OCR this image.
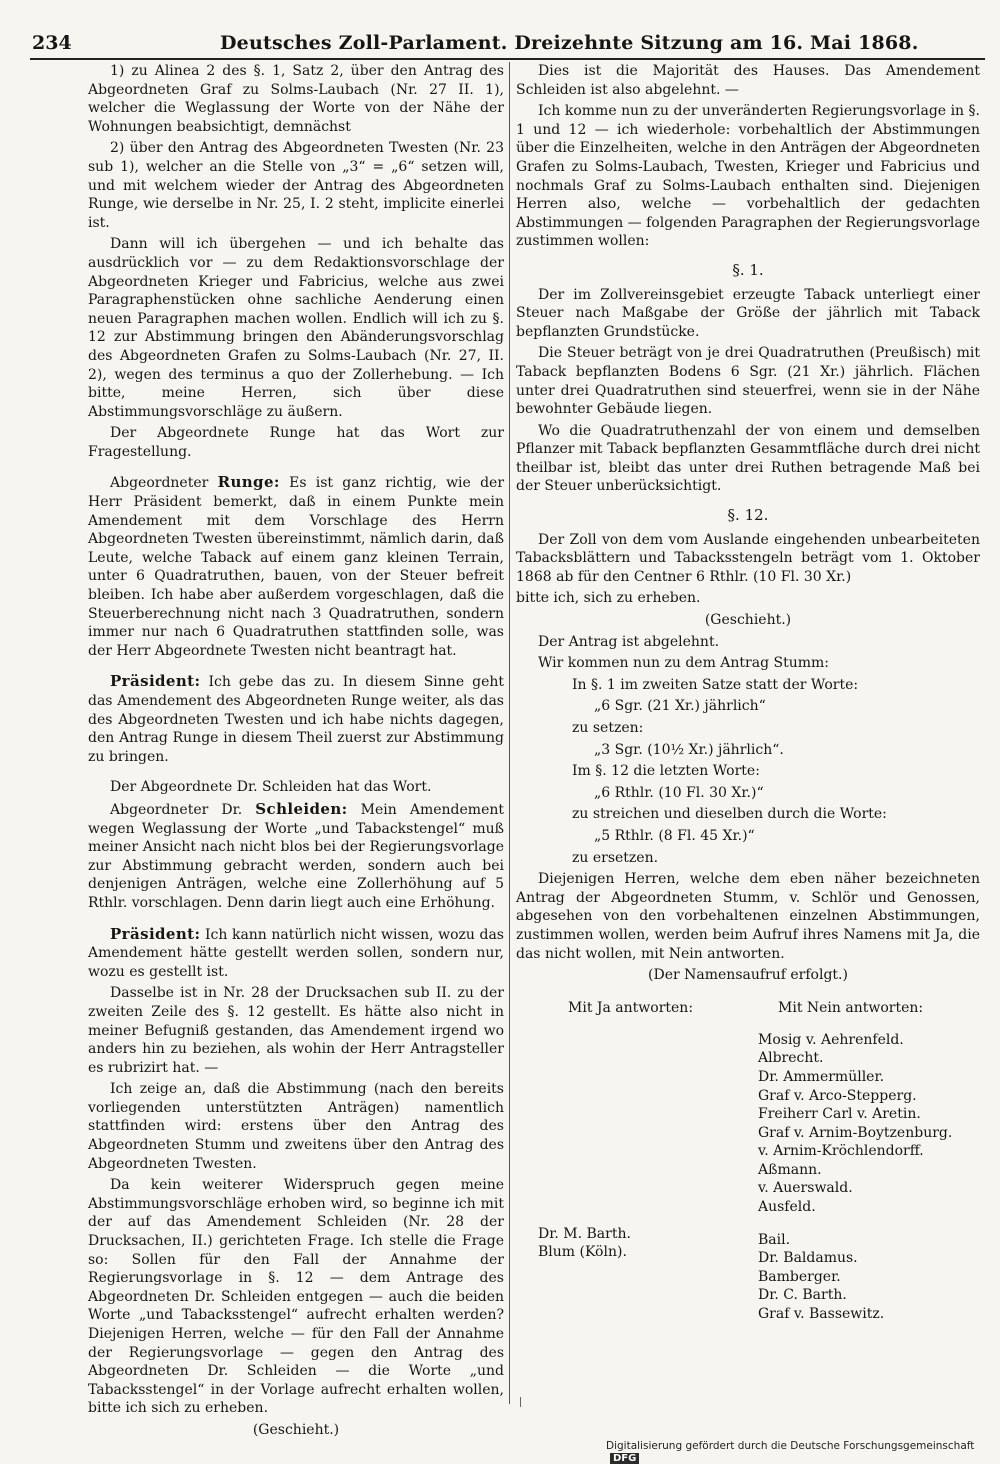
234	Deutsches Zoll-Parlament. Dreizehnte Sitzung am 16. Mai 1868.

1) zu Alinea 2 des §. 1, Satz 2, über den Antrag des Abgeordneten Graf zu Solms-Laubach (Nr. 27 II. 1), welcher die Weglassung der Worte von der Nähe der Wohnungen beabsichtigt, demnächst

2) über den Antrag des Abgeordneten Twesten (Nr. 23 sub 1), welcher an die Stelle von „3“ = „6“ setzen will, und mit welchem wieder der Antrag des Abgeordneten Runge, wie derselbe in Nr. 25, I. 2 steht, implicite einerlei ist.

Dann will ich übergehen — und ich behalte das ausdrücklich vor — zu dem Redaktionsvorschlage der Abgeordneten Krieger und Fabricius, welche aus zwei Paragraphenstücken ohne sachliche Aenderung einen neuen Paragraphen machen wollen. Endlich will ich zu §. 12 zur Abstimmung bringen den Abänderungsvorschlag des Abgeordneten Grafen zu Solms-Laubach (Nr. 27, II. 2), wegen des terminus a quo der Zollerhebung. — Ich bitte, meine Herren, sich über diese Abstimmungsvorschläge zu äußern.

Der Abgeordnete Runge hat das Wort zur Fragestellung.

Abgeordneter Runge: Es ist ganz richtig, wie der Herr Präsident bemerkt, daß in einem Punkte mein Amendement mit dem Vorschlage des Herrn Abgeordneten Twesten übereinstimmt, nämlich darin, daß Leute, welche Taback auf einem ganz kleinen Terrain, unter 6 Quadratruthen, bauen, von der Steuer befreit bleiben. Ich habe aber außerdem vorgeschlagen, daß die Steuerberechnung nicht nach 3 Quadratruthen, sondern immer nur nach 6 Quadratruthen stattfinden solle, was der Herr Abgeordnete Twesten nicht beantragt hat.

Präsident: Ich gebe das zu. In diesem Sinne geht das Amendement des Abgeordneten Runge weiter, als das des Abgeordneten Twesten und ich habe nichts dagegen, den Antrag Runge in diesem Theil zuerst zur Abstimmung zu bringen.

Der Abgeordnete Dr. Schleiden hat das Wort.

Abgeordneter Dr. Schleiden: Mein Amendement wegen Weglassung der Worte „und Tabackstengel“ muß meiner Ansicht nach nicht blos bei der Regierungsvorlage zur Abstimmung gebracht werden, sondern auch bei denjenigen Anträgen, welche eine Zollerhöhung auf 5 Rthlr. vorschlagen. Denn darin liegt auch eine Erhöhung.

Präsident: Ich kann natürlich nicht wissen, wozu das Amendement hätte gestellt werden sollen, sondern nur, wozu es gestellt ist.

Dasselbe ist in Nr. 28 der Drucksachen sub II. zu der zweiten Zeile des §. 12 gestellt. Es hätte also nicht in meiner Befugniß gestanden, das Amendement irgend wo anders hin zu beziehen, als wohin der Herr Antragsteller es rubrizirt hat. —

Ich zeige an, daß die Abstimmung (nach den bereits vorliegenden unterstützten Anträgen) namentlich stattfinden wird: erstens über den Antrag des Abgeordneten Stumm und zweitens über den Antrag des Abgeordneten Twesten.

Da kein weiterer Widerspruch gegen meine Abstimmungsvorschläge erhoben wird, so beginne ich mit der auf das Amendement Schleiden (Nr. 28 der Drucksachen, II.) gerichteten Frage. Ich stelle die Frage so: Sollen für den Fall der Annahme der Regierungsvorlage in §. 12 — dem Antrage des Abgeordneten Dr. Schleiden entgegen — auch die beiden Worte „und Tabacksstengel“ aufrecht erhalten werden? Diejenigen Herren, welche — für den Fall der Annahme der Regierungsvorlage — gegen den Antrag des Abgeordneten Dr. Schleiden — die Worte „und Tabacksstengel“ in der Vorlage aufrecht erhalten wollen, bitte ich sich zu erheben.

(Geschieht.)

Dies ist die Majorität des Hauses. Das Amendement Schleiden ist also abgelehnt. —

Ich komme nun zu der unveränderten Regierungsvorlage in §. 1 und 12 — ich wiederhole: vorbehaltlich der Abstimmungen über die Einzelheiten, welche in den Anträgen der Abgeordneten Grafen zu Solms-Laubach, Twesten, Krieger und Fabricius und nochmals Graf zu Solms-Laubach enthalten sind. Diejenigen Herren also, welche — vorbehaltlich der gedachten Abstimmungen — folgenden Paragraphen der Regierungsvorlage zustimmen wollen:

§. 1.

Der im Zollvereinsgebiet erzeugte Taback unterliegt einer Steuer nach Maßgabe der Größe der jährlich mit Taback bepflanzten Grundstücke.

Die Steuer beträgt von je drei Quadratruthen (Preußisch) mit Taback bepflanzten Bodens 6 Sgr. (21 Xr.) jährlich. Flächen unter drei Quadratruthen sind steuerfrei, wenn sie in der Nähe bewohnter Gebäude liegen.

Wo die Quadratruthenzahl der von einem und demselben Pflanzer mit Taback bepflanzten Gesammtfläche durch drei nicht theilbar ist, bleibt das unter drei Ruthen betragende Maß bei der Steuer unberücksichtigt.

§. 12.

Der Zoll von dem vom Auslande eingehenden unbearbeiteten Tabacksblättern und Tabacksstengeln beträgt vom 1. Oktober 1868 ab für den Centner 6 Rthlr. (10 Fl. 30 Xr.)

bitte ich, sich zu erheben.

(Geschieht.)

Der Antrag ist abgelehnt.

Wir kommen nun zu dem Antrag Stumm:

In §. 1 im zweiten Satze statt der Worte:

„6 Sgr. (21 Xr.) jährlich“

zu setzen:

„3 Sgr. (10½ Xr.) jährlich“.

Im §. 12 die letzten Worte:

„6 Rthlr. (10 Fl. 30 Xr.)“

zu streichen und dieselben durch die Worte:

„5 Rthlr. (8 Fl. 45 Xr.)“

zu ersetzen.

Diejenigen Herren, welche dem eben näher bezeichneten Antrag der Abgeordneten Stumm, v. Schlör und Genossen, abgesehen von den vorbehaltenen einzelnen Abstimmungen, zustimmen wollen, werden beim Aufruf ihres Namens mit Ja, die das nicht wollen, mit Nein antworten.

(Der Namensaufruf erfolgt.)

Mit Ja antworten:	Mit Nein antworten:
Dr. M. Barth.
Blum (Köln).
Mosig v. Aehrenfeld.
Albrecht.
Dr. Ammermüller.
Graf v. Arco-Stepperg.
Freiherr Carl v. Aretin.
Graf v. Arnim-Boytzenburg.
v. Arnim-Kröchlendorff.
Aßmann.
v. Auerswald.
Ausfeld.
Bail.
Dr. Baldamus.
Bamberger.
Dr. C. Barth.
Graf v. Bassewitz.
Digitalisierung gefördert durch die Deutsche Forschungsgemeinschaft DFG
